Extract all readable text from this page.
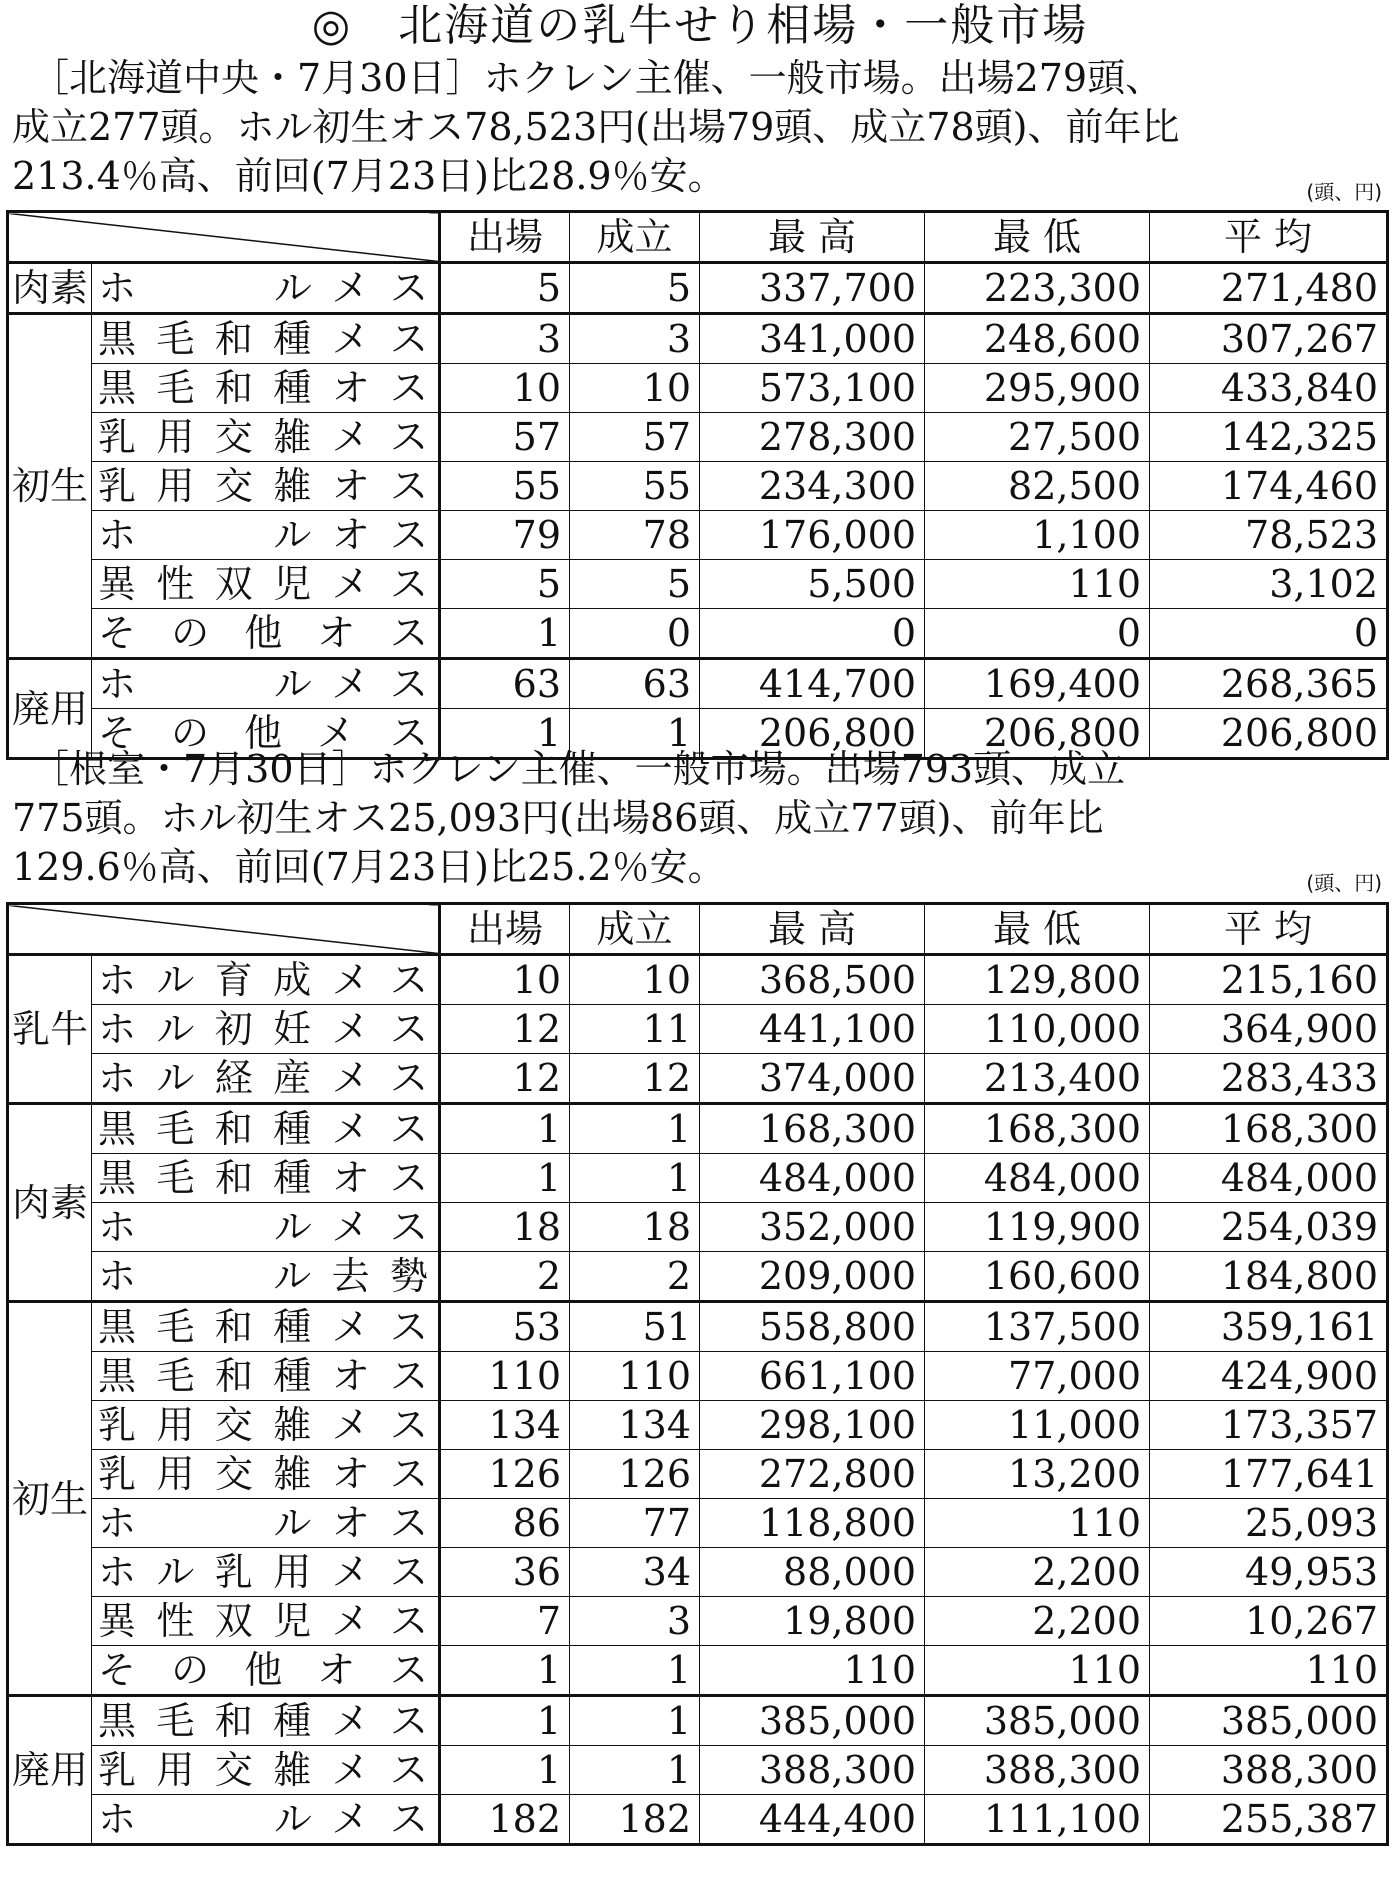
◎　北海道の乳牛せり相場・一般市場
　［北海道中央・7月30日］ホクレン主催、一般市場。出場279頭、
成立277頭。ホル初生オス78,523円(出場79頭、成立78頭)、前年比
213.4％高、前回(7月23日)比28.9％安。	(頭、円)
		出場	成立	最 高	最 低	平 均
肉素	ホ　　ルメス	5	5	337,700	223,300	271,480
初生	黒毛和種メス	3	3	341,000	248,600	307,267
	黒毛和種オス	10	10	573,100	295,900	433,840
	乳用交雑メス	57	57	278,300	27,500	142,325
	乳用交雑オス	55	55	234,300	82,500	174,460
	ホ　　ルオス	79	78	176,000	1,100	78,523
	異性双児メス	5	5	5,500	110	3,102
	その他オス	1	0	0	0	0
廃用	ホ　　ルメス	63	63	414,700	169,400	268,365
	その他メス	1	1	206,800	206,800	206,800
　［根室・7月30日］ホクレン主催、一般市場。出場793頭、成立
775頭。ホル初生オス25,093円(出場86頭、成立77頭)、前年比
129.6％高、前回(7月23日)比25.2％安。	(頭、円)
		出場	成立	最 高	最 低	平 均
乳牛	ホル育成メス	10	10	368,500	129,800	215,160
	ホル初妊メス	12	11	441,100	110,000	364,900
	ホル経産メス	12	12	374,000	213,400	283,433
肉素	黒毛和種メス	1	1	168,300	168,300	168,300
	黒毛和種オス	1	1	484,000	484,000	484,000
	ホ　　ルメス	18	18	352,000	119,900	254,039
	ホ　　ル去勢	2	2	209,000	160,600	184,800
初生	黒毛和種メス	53	51	558,800	137,500	359,161
	黒毛和種オス	110	110	661,100	77,000	424,900
	乳用交雑メス	134	134	298,100	11,000	173,357
	乳用交雑オス	126	126	272,800	13,200	177,641
	ホ　　ルオス	86	77	118,800	110	25,093
	ホル乳用メス	36	34	88,000	2,200	49,953
	異性双児メス	7	3	19,800	2,200	10,267
	その他オス	1	1	110	110	110
廃用	黒毛和種メス	1	1	385,000	385,000	385,000
	乳用交雑メス	1	1	388,300	388,300	388,300
	ホ　　ルメス	182	182	444,400	111,100	255,387
